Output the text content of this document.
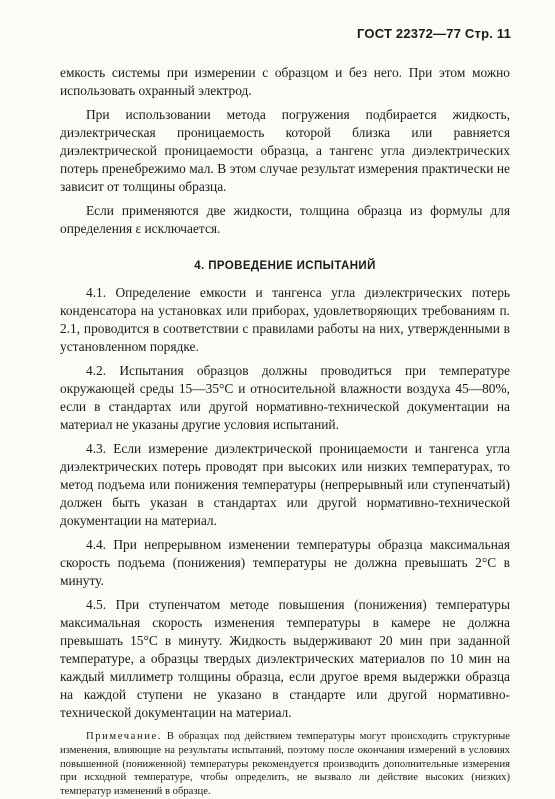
ГОСТ 22372—77 Стр. 11

емкость системы при измерении с образцом и без него. При этом можно использовать охранный электрод.

При использовании метода погружения подбирается жидкость, диэлектрическая проницаемость которой близка или равняется диэлектрической проницаемости образца, а тангенс угла диэлектрических потерь пренебрежимо мал. В этом случае результат измерения практически не зависит от толщины образца.

Если применяются две жидкости, толщина образца из формулы для определения ε исключается.

4. ПРОВЕДЕНИЕ ИСПЫТАНИЙ

4.1. Определение емкости и тангенса угла диэлектрических потерь конденсатора на установках или приборах, удовлетворяющих требованиям п. 2.1, проводится в соответствии с правилами работы на них, утвержденными в установленном порядке.

4.2. Испытания образцов должны проводиться при температуре окружающей среды 15—35°С и относительной влажности воздуха 45—80%, если в стандартах или другой нормативно-технической документации на материал не указаны другие условия испытаний.

4.3. Если измерение диэлектрической проницаемости и тангенса угла диэлектрических потерь проводят при высоких или низких температурах, то метод подъема или понижения температуры (непрерывный или ступенчатый) должен быть указан в стандартах или другой нормативно-технической документации на материал.

4.4. При непрерывном изменении температуры образца максимальная скорость подъема (понижения) температуры не должна превышать 2°С в минуту.

4.5. При ступенчатом методе повышения (понижения) температуры максимальная скорость изменения температуры в камере не должна превышать 15°С в минуту. Жидкость выдерживают 20 мин при заданной температуре, а образцы твердых диэлектрических материалов по 10 мин на каждый миллиметр толщины образца, если другое время выдержки образца на каждой ступени не указано в стандарте или другой нормативно-технической документации на материал.

Примечание. В образцах под действием температуры могут происходить структурные изменения, влияющие на результаты испытаний, поэтому после окончания измерений в условиях повышенной (пониженной) температуры рекомендуется производить дополнительные измерения при исходной температуре, чтобы определить, не вызвало ли действие высоких (низких) температур изменений в образце.
